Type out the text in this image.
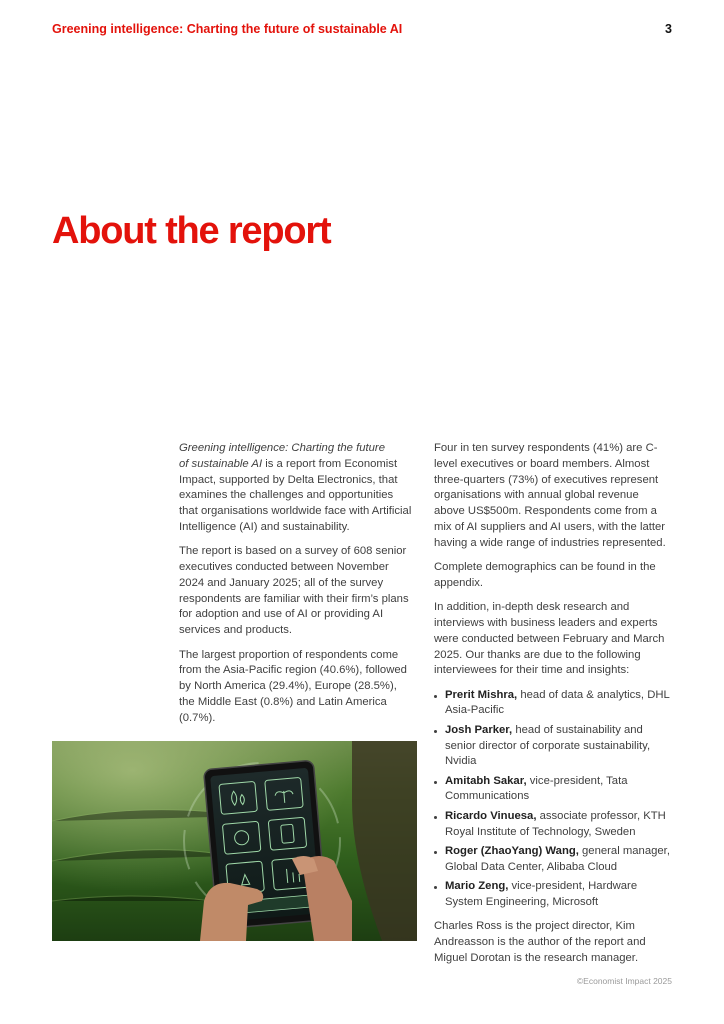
Greening intelligence: Charting the future of sustainable AI	3
About the report

Greening intelligence: Charting the future
of sustainable AI is a report from Economist Impact, supported by Delta Electronics, that examines the challenges and opportunities that organisations worldwide face with Artificial Intelligence (AI) and sustainability.

The report is based on a survey of 608 senior executives conducted between November 2024 and January 2025; all of the survey respondents are familiar with their firm’s plans for adoption and use of AI or providing AI services and products.

The largest proportion of respondents come from the Asia-Pacific region (40.6%), followed by North America (29.4%), Europe (28.5%), the Middle East (0.8%) and Latin America (0.7%).

Four in ten survey respondents (41%) are C-level executives or board members. Almost three-quarters (73%) of executives represent organisations with annual global revenue above US$500m. Respondents come from a mix of AI suppliers and AI users, with the latter having a wide range of industries represented.

Complete demographics can be found in the appendix.

In addition, in-depth desk research and interviews with business leaders and experts were conducted between February and March 2025. Our thanks are due to the following interviewees for their time and insights:

Prerit Mishra, head of data & analytics, DHL Asia-Pacific
Josh Parker, head of sustainability and senior director of corporate sustainability, Nvidia
Amitabh Sakar, vice-president, Tata Communications
Ricardo Vinuesa, associate professor, KTH Royal Institute of Technology, Sweden
Roger (ZhaoYang) Wang, general manager, Global Data Center, Alibaba Cloud
Mario Zeng, vice-president, Hardware System Engineering, Microsoft

Charles Ross is the project director, Kim Andreasson is the author of the report and Miguel Dorotan is the research manager.

©Economist Impact 2025
